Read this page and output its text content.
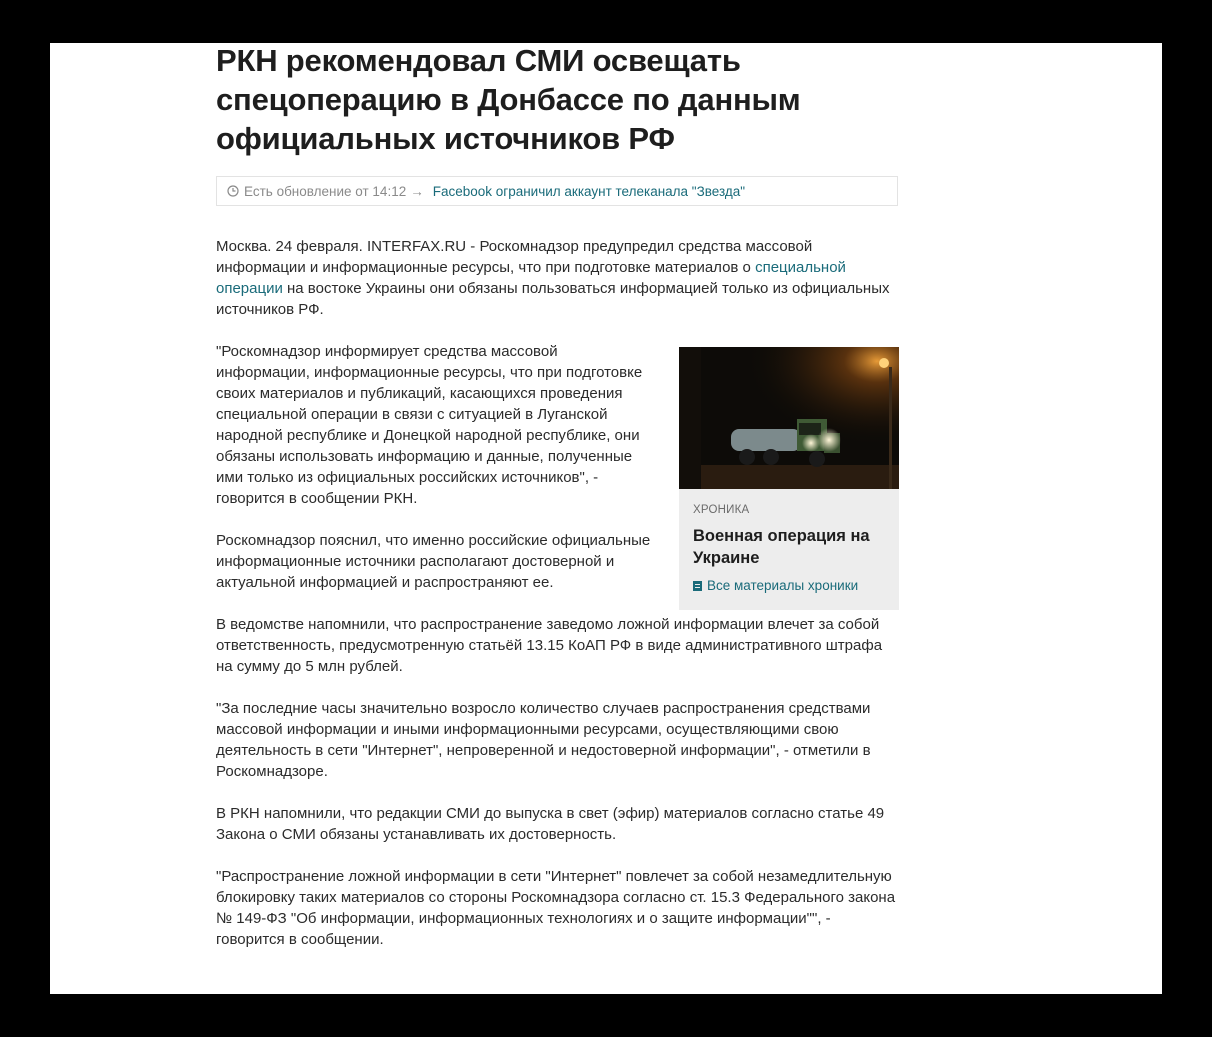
РКН рекомендовал СМИ освещать спецоперацию в Донбассе по данным официальных источников РФ
Есть обновление от 14:12 → Facebook ограничил аккаунт телеканала "Звезда"

Москва. 24 февраля. INTERFAX.RU - Роскомнадзор предупредил средства массовой информации и информационные ресурсы, что при подготовке материалов о специальной операции на востоке Украины они обязаны пользоваться информацией только из официальных источников РФ.

"Роскомнадзор информирует средства массовой информации, информационные ресурсы, что при подготовке своих материалов и публикаций, касающихся проведения специальной операции в связи с ситуацией в Луганской народной республике и Донецкой народной республике, они обязаны использовать информацию и данные, полученные ими только из официальных российских источников", - говорится в сообщении РКН.

Роскомнадзор пояснил, что именно российские официальные информационные источники располагают достоверной и актуальной информацией и распространяют ее.

В ведомстве напомнили, что распространение заведомо ложной информации влечет за собой ответственность, предусмотренную статьёй 13.15 КоАП РФ в виде административного штрафа на сумму до 5 млн рублей.

"За последние часы значительно возросло количество случаев распространения средствами массовой информации и иными информационными ресурсами, осуществляющими свою деятельность в сети "Интернет", непроверенной и недостоверной информации", - отметили в Роскомнадзоре.

В РКН напомнили, что редакции СМИ до выпуска в свет (эфир) материалов согласно статье 49 Закона о СМИ обязаны устанавливать их достоверность.

"Распространение ложной информации в сети "Интернет" повлечет за собой незамедлительную блокировку таких материалов со стороны Роскомнадзора согласно ст. 15.3 Федерального закона № 149-ФЗ "Об информации, информационных технологиях и о защите информации"", - говорится в сообщении.

ХРОНИКА
Военная операция на Украине
Все материалы хроники
